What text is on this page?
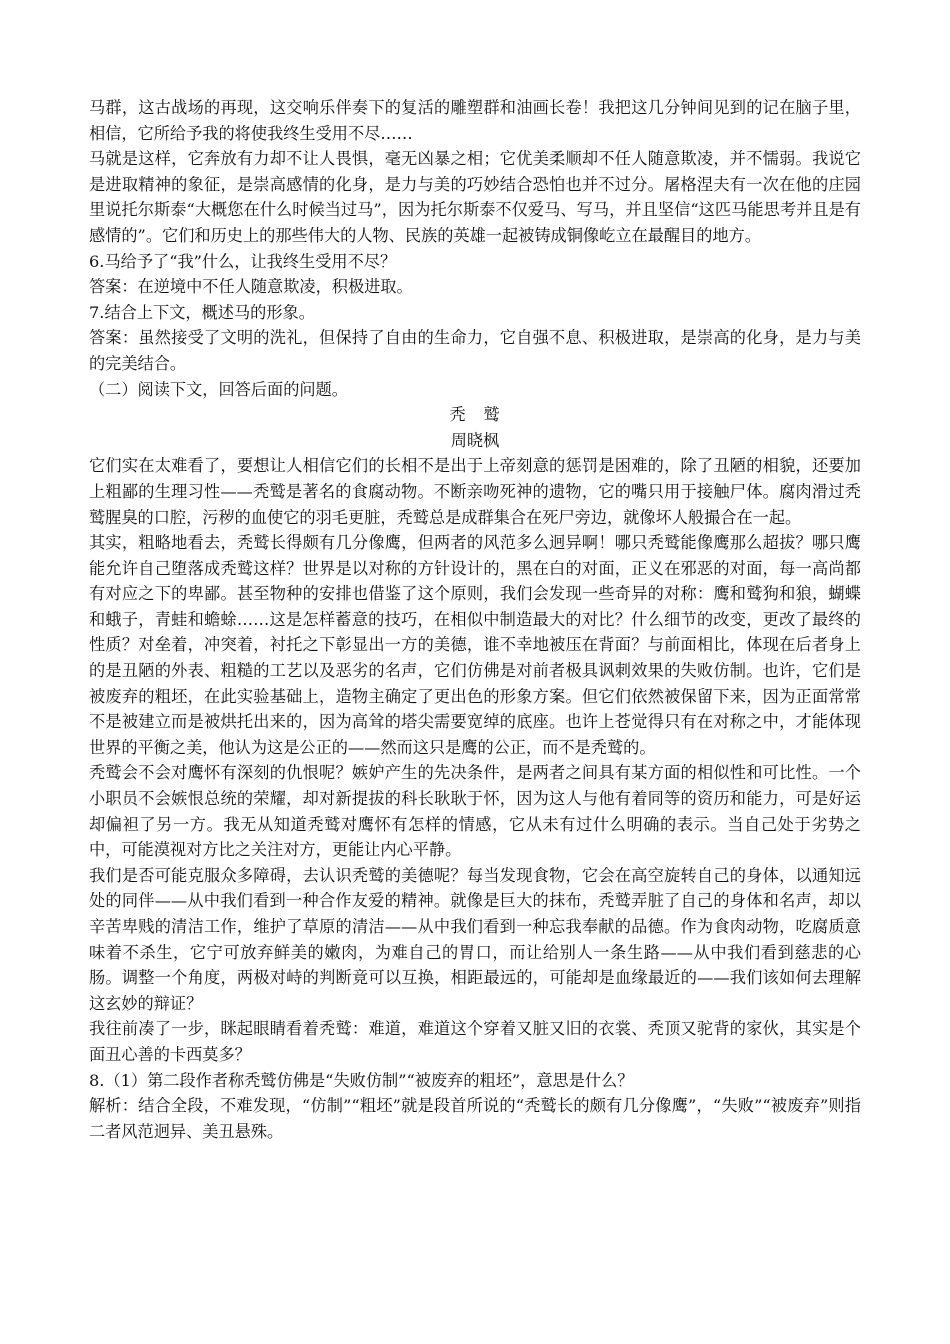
马群，这古战场的再现，这交响乐伴奏下的复活的雕塑群和油画长卷！我把这几分钟间见到的记在脑子里，相信，它所给予我的将使我终生受用不尽……

马就是这样，它奔放有力却不让人畏惧，毫无凶暴之相；它优美柔顺却不任人随意欺凌，并不懦弱。我说它是进取精神的象征，是崇高感情的化身，是力与美的巧妙结合恐怕也并不过分。屠格涅夫有一次在他的庄园里说托尔斯泰“大概您在什么时候当过马”，因为托尔斯泰不仅爱马、写马，并且坚信“这匹马能思考并且是有感情的”。它们和历史上的那些伟大的人物、民族的英雄一起被铸成铜像屹立在最醒目的地方。

6.马给予了“我”什么，让我终生受用不尽？

答案：在逆境中不任人随意欺凌，积极进取。

7.结合上下文，概述马的形象。

答案：虽然接受了文明的洗礼，但保持了自由的生命力，它自强不息、积极进取，是崇高的化身，是力与美的完美结合。

（二）阅读下文，回答后面的问题。

秃　鹫

周晓枫

它们实在太难看了，要想让人相信它们的长相不是出于上帝刻意的惩罚是困难的，除了丑陋的相貌，还要加上粗鄙的生理习性——秃鹫是著名的食腐动物。不断亲吻死神的遗物，它的嘴只用于接触尸体。腐肉滑过秃鹫腥臭的口腔，污秽的血使它的羽毛更脏，秃鹫总是成群集合在死尸旁边，就像坏人般撮合在一起。

其实，粗略地看去，秃鹫长得颇有几分像鹰，但两者的风范多么迥异啊！哪只秃鹫能像鹰那么超拔？哪只鹰能允许自己堕落成秃鹫这样？世界是以对称的方针设计的，黑在白的对面，正义在邪恶的对面，每一高尚都有对应之下的卑鄙。甚至物种的安排也借鉴了这个原则，我们会发现一些奇异的对称：鹰和鹫狗和狼，蝴蝶和蛾子，青蛙和蟾蜍……这是怎样蓄意的技巧，在相似中制造最大的对比？什么细节的改变，更改了最终的性质？对垒着，冲突着，衬托之下彰显出一方的美德，谁不幸地被压在背面？与前面相比，体现在后者身上的是丑陋的外表、粗糙的工艺以及恶劣的名声，它们仿佛是对前者极具讽刺效果的失败仿制。也许，它们是被废弃的粗坯，在此实验基础上，造物主确定了更出色的形象方案。但它们依然被保留下来，因为正面常常不是被建立而是被烘托出来的，因为高耸的塔尖需要宽绰的底座。也许上苍觉得只有在对称之中，才能体现世界的平衡之美，他认为这是公正的——然而这只是鹰的公正，而不是秃鹫的。

秃鹫会不会对鹰怀有深刻的仇恨呢？嫉妒产生的先决条件，是两者之间具有某方面的相似性和可比性。一个小职员不会嫉恨总统的荣耀，却对新提拔的科长耿耿于怀，因为这人与他有着同等的资历和能力，可是好运却偏袒了另一方。我无从知道秃鹫对鹰怀有怎样的情感，它从未有过什么明确的表示。当自己处于劣势之中，可能漠视对方比之关注对方，更能让内心平静。

我们是否可能克服众多障碍，去认识秃鹫的美德呢？每当发现食物，它会在高空旋转自己的身体，以通知远处的同伴——从中我们看到一种合作友爱的精神。就像是巨大的抹布，秃鹫弄脏了自己的身体和名声，却以辛苦卑贱的清洁工作，维护了草原的清洁——从中我们看到一种忘我奉献的品德。作为食肉动物，吃腐质意味着不杀生，它宁可放弃鲜美的嫩肉，为难自己的胃口，而让给别人一条生路——从中我们看到慈悲的心肠。调整一个角度，两极对峙的判断竟可以互换，相距最远的，可能却是血缘最近的——我们该如何去理解这玄妙的辩证？

我往前凑了一步，眯起眼睛看着秃鹫：难道，难道这个穿着又脏又旧的衣裳、秃顶又驼背的家伙，其实是个面丑心善的卡西莫多？

8.（1）第二段作者称秃鹫仿佛是“失败仿制”“被废弃的粗坯”，意思是什么？

解析：结合全段，不难发现，“仿制”“粗坯”就是段首所说的“秃鹫长的颇有几分像鹰”，“失败”“被废弃”则指二者风范迥异、美丑悬殊。
